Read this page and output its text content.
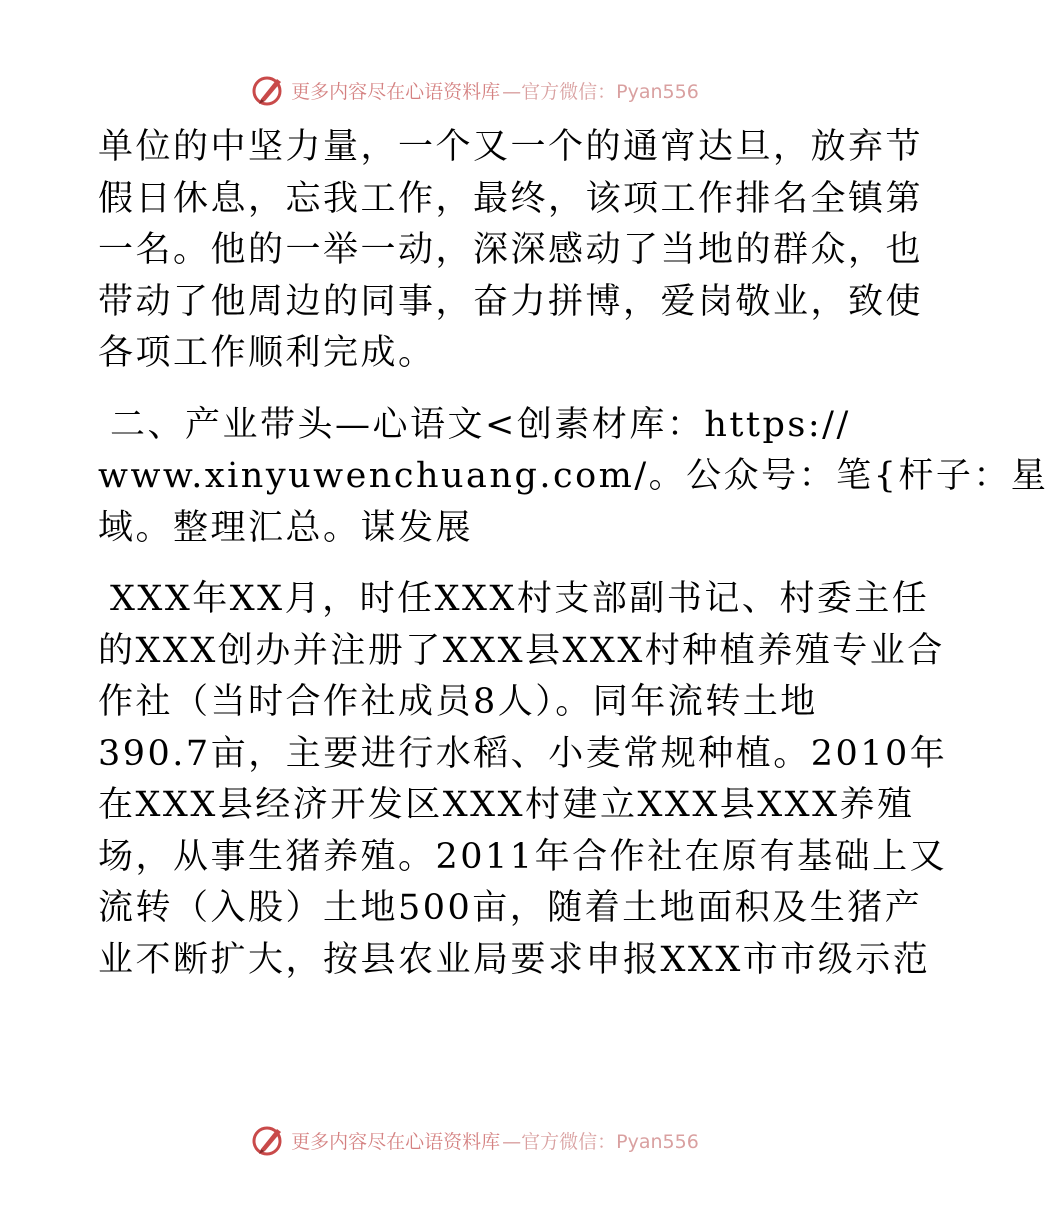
更多内容尽在心语资料库 —官方微信：Pyan556
单位的中坚力量，一个又一个的通宵达旦，放弃节
假日休息，忘我工作，最终，该项工作排名全镇第
一名。他的一举一动，深深感动了当地的群众，也
带动了他周边的同事，奋力拼博，爱岗敬业，致使
各项工作顺利完成。
二、产业带头—心语文<创素材库：https://
www.xinyuwenchuang.com/。公众号：笔{杆子：星
域。整理汇总。谋发展
XXX年XX月，时任XXX村支部副书记、村委主任
的XXX创办并注册了XXX县XXX村种植养殖专业合
作社（当时合作社成员8人）。同年流转土地
390.7亩，主要进行水稻、小麦常规种植。2010年
在XXX县经济开发区XXX村建立XXX县XXX养殖
场，从事生猪养殖。2011年合作社在原有基础上又
流转（入股）土地500亩，随着土地面积及生猪产
业不断扩大，按县农业局要求申报XXX市市级示范
更多内容尽在心语资料库 —官方微信：Pyan556
